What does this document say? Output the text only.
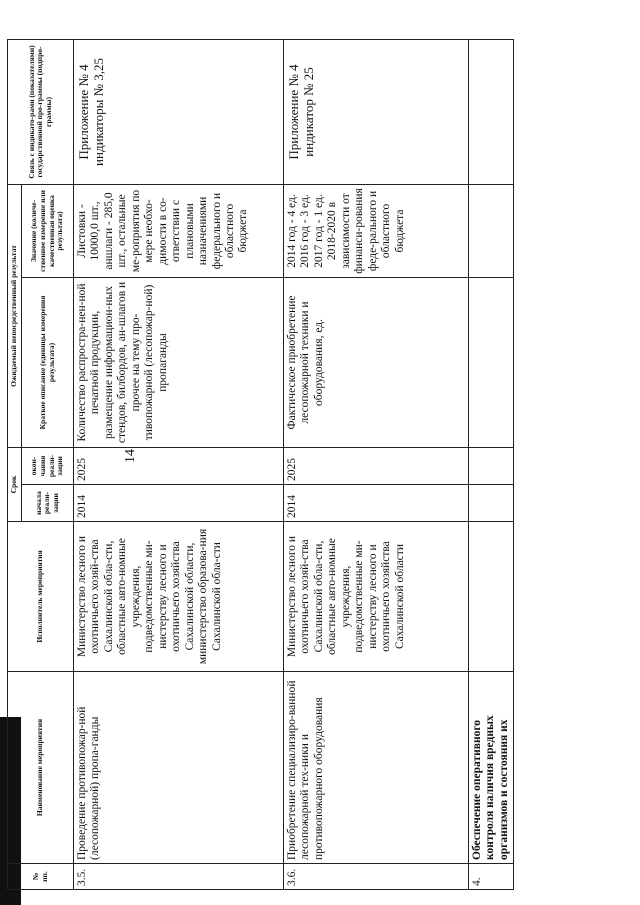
14
№ пп.	Наименование мероприятия	Исполнитель мероприятия	Срок		Ожидаемый непосредственный результат		Связь с индикато-рами (показателями) государственной про-граммы (подпро-граммы)
			начала реали-зации	окон-чания реали-зации	Краткое описание (единицы измерения результата)	Значение (количе-ственное измерение или качественная оценка результата)	
3.5.	Проведение противопожар-ной (лесопожарной) пропа-ганды	Министерство лесного и охотничьего хозяй-ства Сахалинской обла-сти, областные авто-номные учреждения, подведомственные ми-нистерству лесного и охотничьего хозяйства Сахалинской области, министерство образова-ния Сахалинской обла-сти	2014	2025	Количество распростра-нен-ной печатной продукции, размещение информацион-ных стендов, билбордов, ан-шлагов и прочее на тему про-тивопожарной (лесопожар-ной) пропаганды	Листовки - 10000,0 шт., аншлаги - 285,0 шт., остальные ме-роприятия по мере необхо-димости в со-ответствии с плановыми назначениями федерального и областного бюджета	Приложение № 4 индикаторы № 3,25
3.6.	Приобретение специализиро-ванной лесопожарной тех-ники и противопожарного оборудования	Министерство лесного и охотничьего хозяй-ства Сахалинской обла-сти, областные авто-номные учреждения, подведомственные ми-нистерству лесного и охотничьего хозяйства Сахалинской области	2014	2025	Фактическое приобретение лесопожарной техники и оборудования, ед.	2014 год - 4 ед. 2016 год - 3 ед. 2017 год - 1 ед. 2018-2020 в зависимости от финанси-рования феде-рального и областного бюджета	Приложение № 4 индикатор № 25
4.	Обеспечение оперативного контроля наличия вредных организмов и состояния их						
